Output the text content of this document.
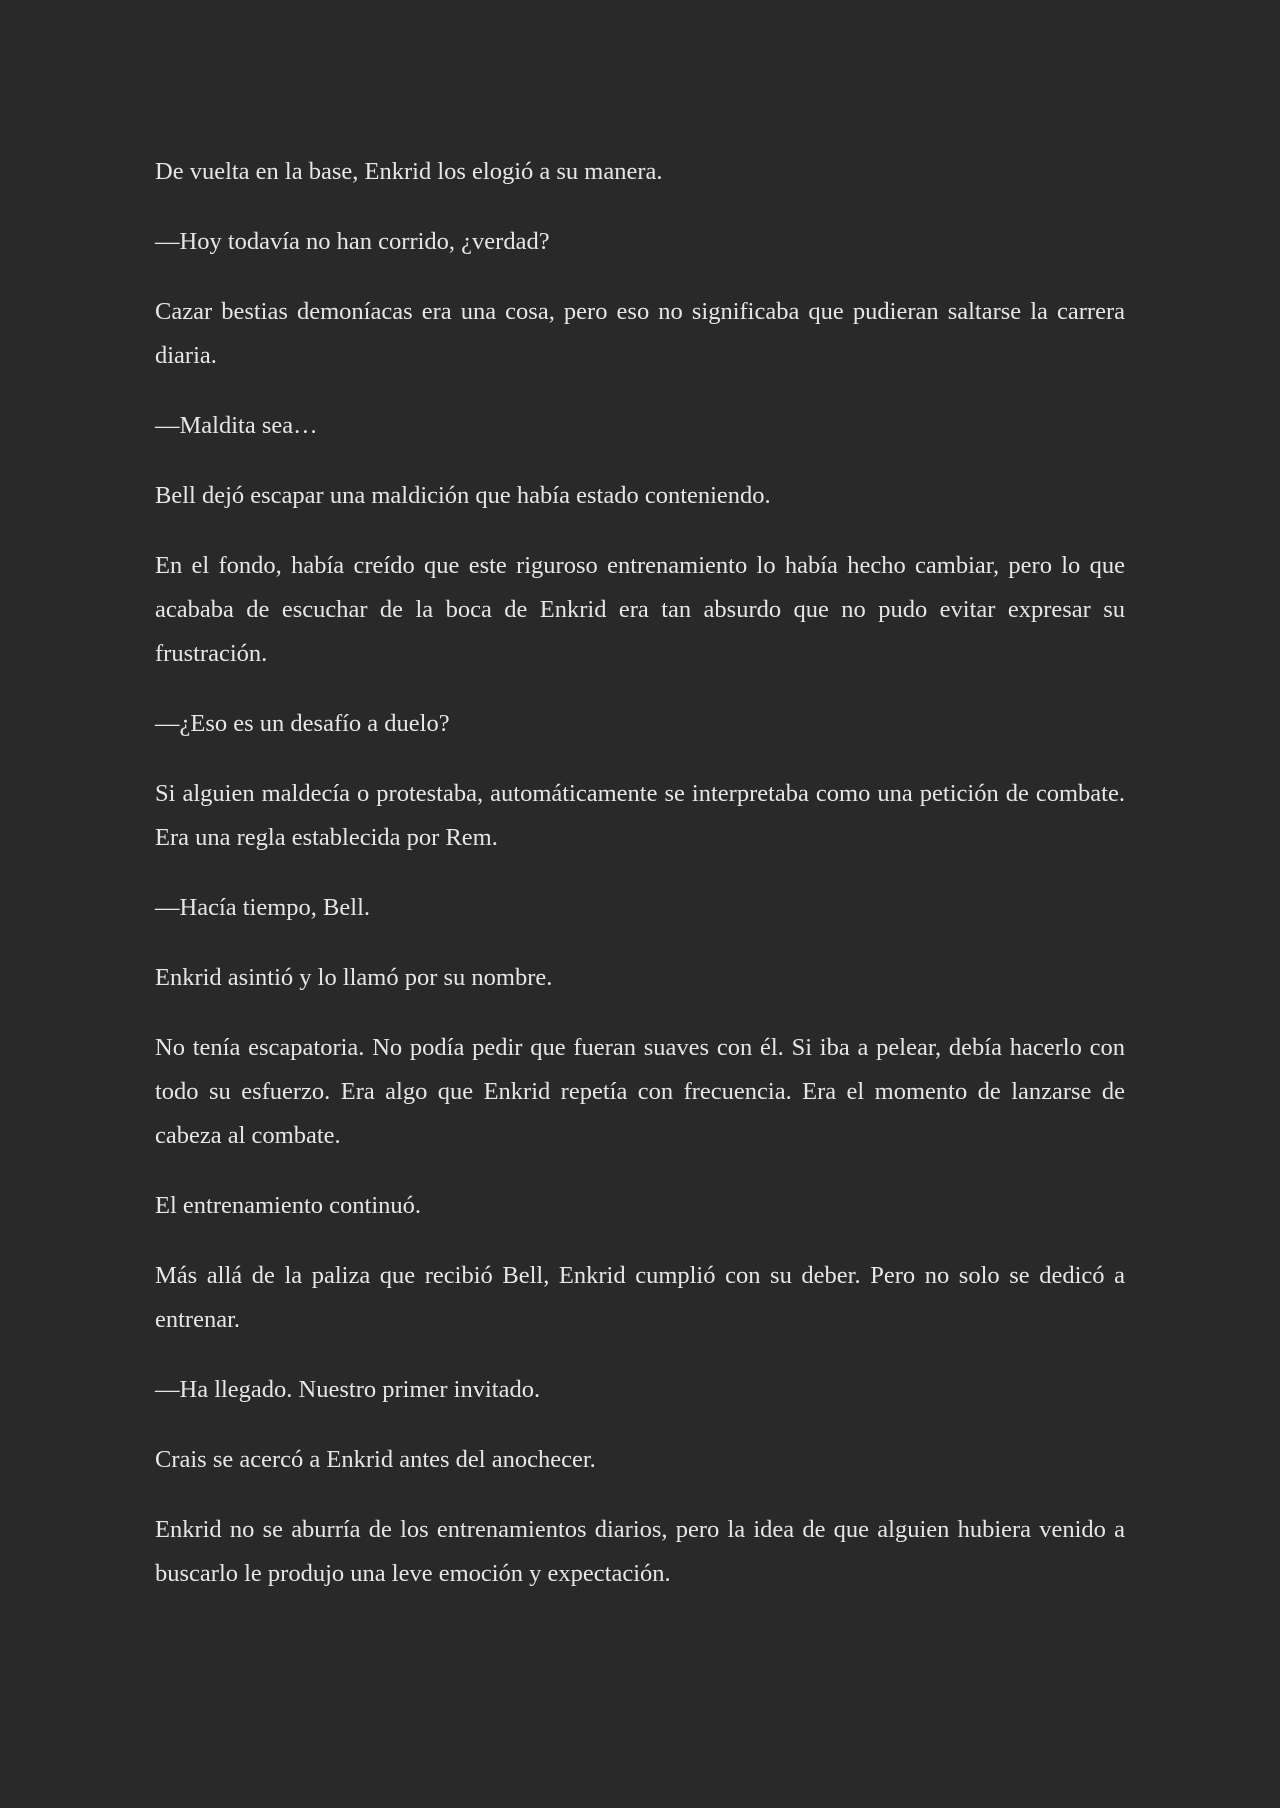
De vuelta en la base, Enkrid los elogió a su manera.

—Hoy todavía no han corrido, ¿verdad?

Cazar bestias demoníacas era una cosa, pero eso no significaba que pudieran saltarse la carrera diaria.

—Maldita sea…

Bell dejó escapar una maldición que había estado conteniendo.

En el fondo, había creído que este riguroso entrenamiento lo había hecho cambiar, pero lo que acababa de escuchar de la boca de Enkrid era tan absurdo que no pudo evitar expresar su frustración.

—¿Eso es un desafío a duelo?

Si alguien maldecía o protestaba, automáticamente se interpretaba como una petición de combate. Era una regla establecida por Rem.

—Hacía tiempo, Bell.

Enkrid asintió y lo llamó por su nombre.

No tenía escapatoria. No podía pedir que fueran suaves con él. Si iba a pelear, debía hacerlo con todo su esfuerzo. Era algo que Enkrid repetía con frecuencia. Era el momento de lanzarse de cabeza al combate.

El entrenamiento continuó.

Más allá de la paliza que recibió Bell, Enkrid cumplió con su deber. Pero no solo se dedicó a entrenar.

—Ha llegado. Nuestro primer invitado.

Crais se acercó a Enkrid antes del anochecer.

Enkrid no se aburría de los entrenamientos diarios, pero la idea de que alguien hubiera venido a buscarlo le produjo una leve emoción y expectación.
